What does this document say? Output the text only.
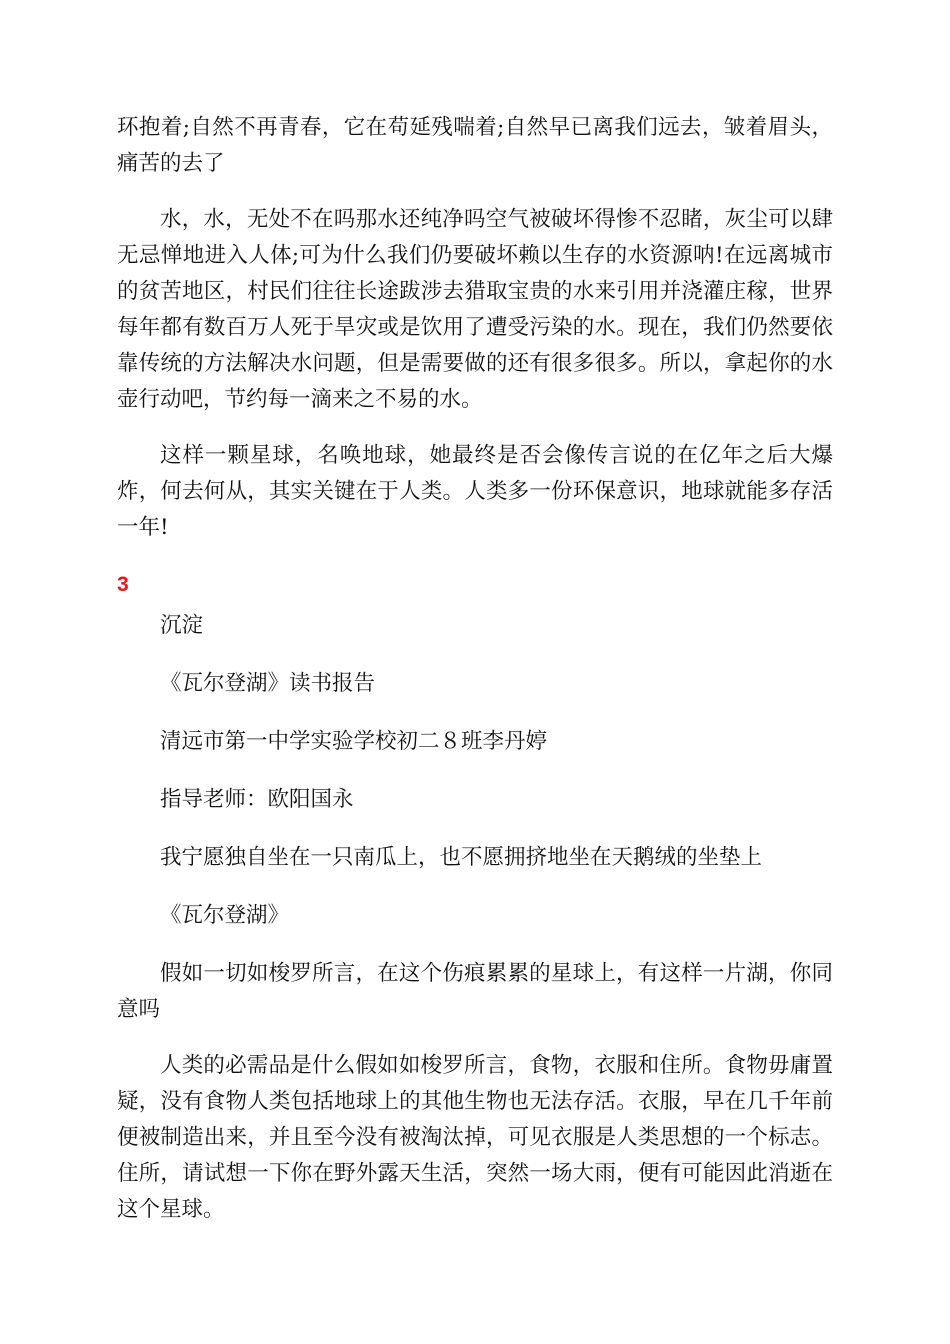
环抱着;自然不再青春，它在苟延残喘着;自然早已离我们远去，皱着眉头，痛苦的去了

水，水，无处不在吗那水还纯净吗空气被破坏得惨不忍睹，灰尘可以肆无忌惮地进入人体;可为什么我们仍要破坏赖以生存的水资源呐!在远离城市的贫苦地区，村民们往往长途跋涉去猎取宝贵的水来引用并浇灌庄稼，世界每年都有数百万人死于旱灾或是饮用了遭受污染的水。现在，我们仍然要依靠传统的方法解决水问题，但是需要做的还有很多很多。所以，拿起你的水壶行动吧，节约每一滴来之不易的水。

这样一颗星球，名唤地球，她最终是否会像传言说的在亿年之后大爆炸，何去何从，其实关键在于人类。人类多一份环保意识，地球就能多存活一年!

3

沉淀

《瓦尔登湖》读书报告

清远市第一中学实验学校初二８班李丹婷

指导老师：欧阳国永

我宁愿独自坐在一只南瓜上，也不愿拥挤地坐在天鹅绒的坐垫上

《瓦尔登湖》

假如一切如梭罗所言，在这个伤痕累累的星球上，有这样一片湖，你同意吗

人类的必需品是什么假如如梭罗所言，食物，衣服和住所。食物毋庸置疑，没有食物人类包括地球上的其他生物也无法存活。衣服，早在几千年前便被制造出来，并且至今没有被淘汰掉，可见衣服是人类思想的一个标志。住所，请试想一下你在野外露天生活，突然一场大雨，便有可能因此消逝在这个星球。
